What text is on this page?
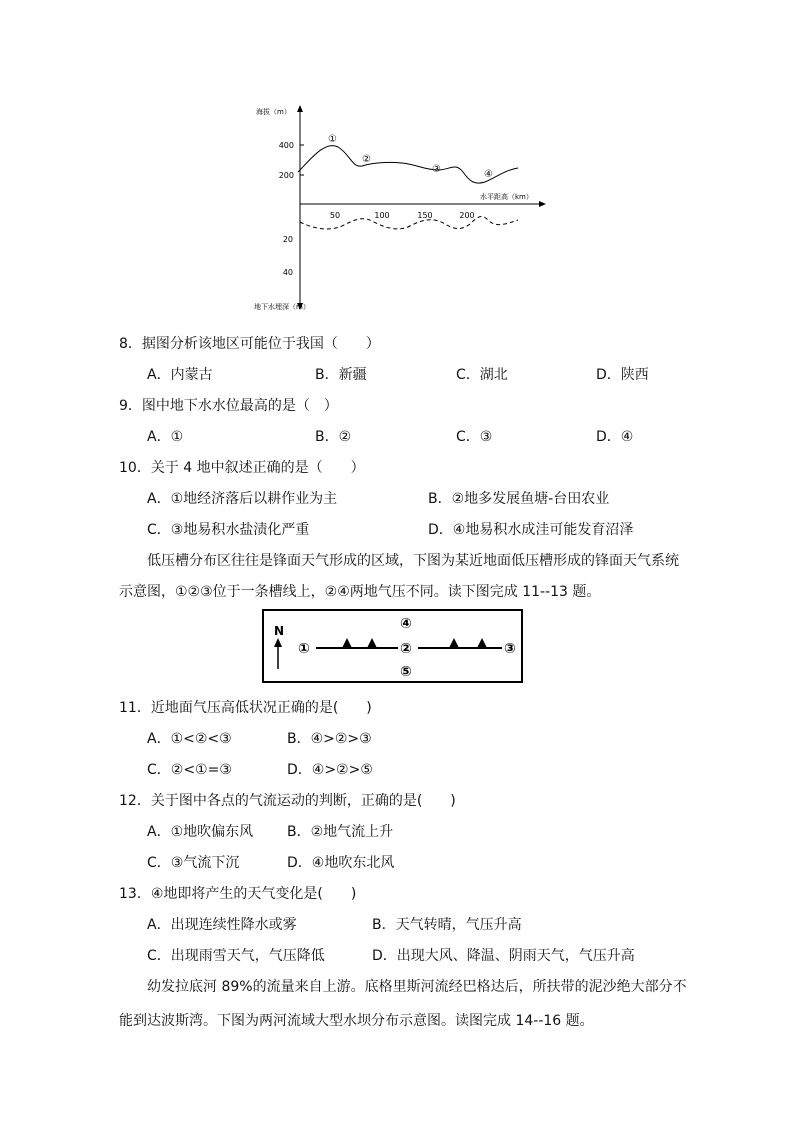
400
200
50	100	150	200
20
40
海拔（m）
水平距高（km）
地下水埋深（m）
①
②
③	④
8．据图分析该地区可能位于我国（　　）
A．内蒙古	B．新疆	C．湖北	D．陕西
9．图中地下水水位最高的是（　）
A．①	B．②	C．③	D．④
10．关于 4 地中叙述正确的是（　　）
A．①地经济落后以耕作业为主	B．②地多发展鱼塘-台田农业
C．③地易积水盐渍化严重	D．④地易积水成洼可能发育沼泽
低压槽分布区往往是锋面天气形成的区域，下图为某近地面低压槽形成的锋面天气系统
示意图，①②③位于一条槽线上，②④两地气压不同。读下图完成 11--13 题。
N
①	②	③
④
⑤
11．近地面气压高低状况正确的是(　　)
A．①<②<③	B．④>②>③
C．②<①=③	D．④>②>⑤
12．关于图中各点的气流运动的判断，正确的是(　　)
A．①地吹偏东风 B．②地气流上升
C．③气流下沉	D．④地吹东北风
13．④地即将产生的天气变化是(　　)
A．出现连续性降水或雾	B．天气转晴，气压升高
C．出现雨雪天气，气压降低	D．出现大风、降温、阴雨天气，气压升高
幼发拉底河 89%的流量来自上游。底格里斯河流经巴格达后，所扶带的泥沙绝大部分不
能到达波斯湾。下图为两河流域大型水坝分布示意图。读图完成 14--16 题。
